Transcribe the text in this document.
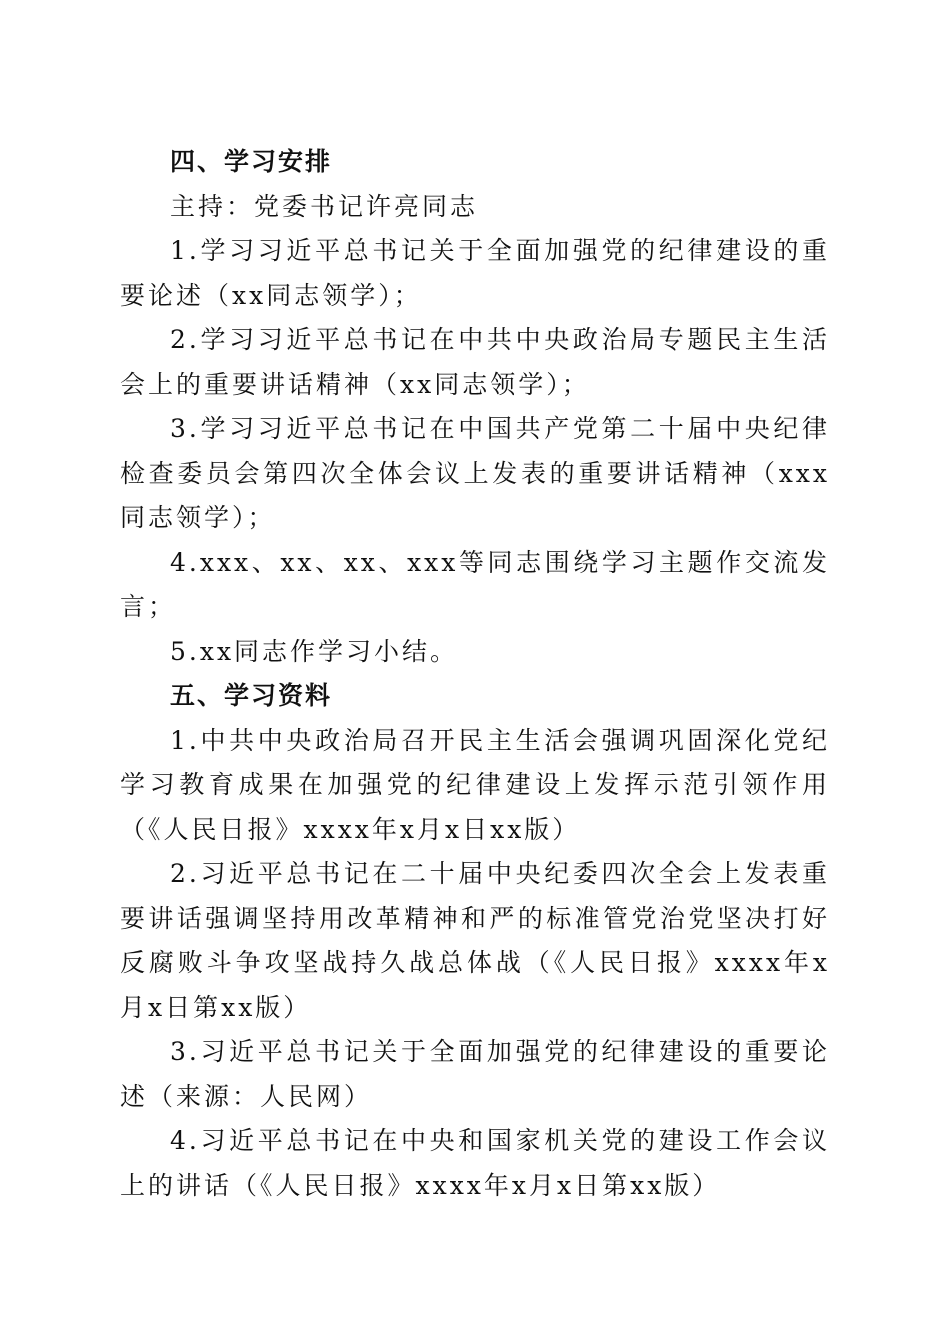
四、学习安排

主持：党委书记许亮同志

1.学习习近平总书记关于全面加强党的纪律建设的重要论述（xx同志领学）；

2.学习习近平总书记在中共中央政治局专题民主生活会上的重要讲话精神（xx同志领学）；

3.学习习近平总书记在中国共产党第二十届中央纪律检查委员会第四次全体会议上发表的重要讲话精神（xxx同志领学）；

4.xxx、xx、xx、xxx等同志围绕学习主题作交流发言；

5.xx同志作学习小结。

五、学习资料

1.中共中央政治局召开民主生活会强调巩固深化党纪学习教育成果在加强党的纪律建设上发挥示范引领作用（《人民日报》xxxx年x月x日xx版）

2.习近平总书记在二十届中央纪委四次全会上发表重要讲话强调坚持用改革精神和严的标准管党治党坚决打好反腐败斗争攻坚战持久战总体战（《人民日报》xxxx年x月x日第xx版）

3.习近平总书记关于全面加强党的纪律建设的重要论述（来源：人民网）

4.习近平总书记在中央和国家机关党的建设工作会议上的讲话（《人民日报》xxxx年x月x日第xx版）
